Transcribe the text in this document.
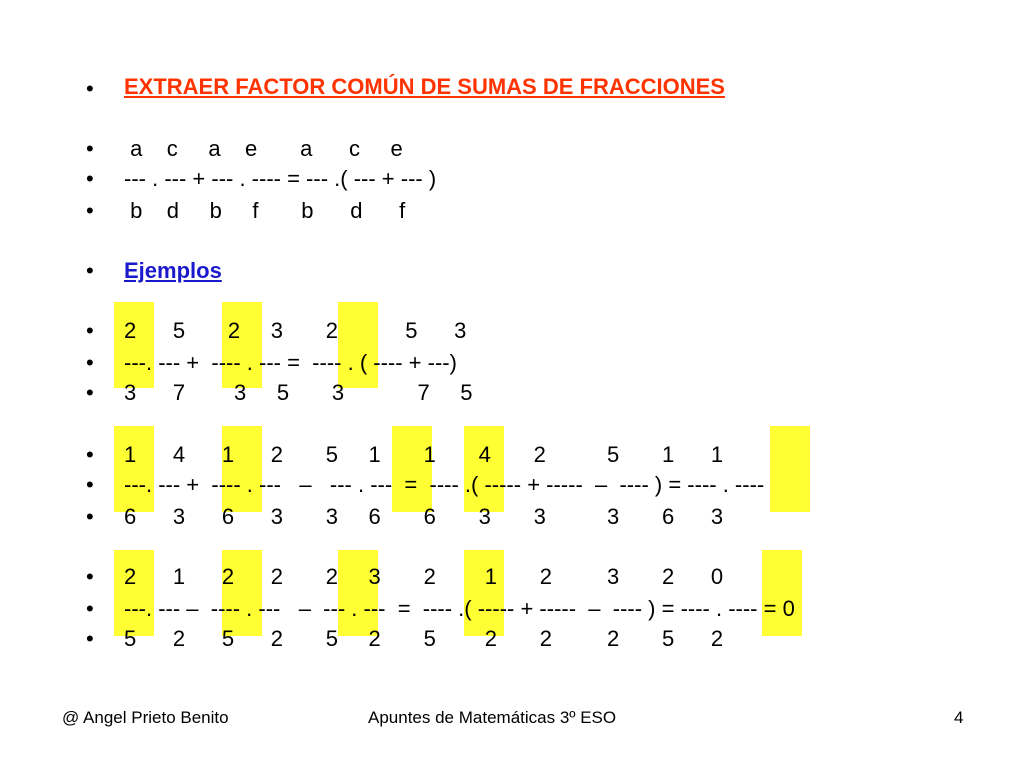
•
•
•
•
•
•
•
•
•
•
•
•
•
•
EXTRAER FACTOR COMÚN DE SUMAS DE FRACCIONES
a    c     a    e       a      c     e
--- . --- + --- . ---- = --- .( --- + --- )
b    d     b     f       b      d      f
Ejemplos
2      5       2     3       2           5      3
---. --- +  ---- . --- =  ---- . ( ---- + ---)
3      7        3     5       3            7     5
1      4      1      2       5     1       1       4       2          5       1      1
---. --- +  ---- . ---   –   --- . ---  =  ---- .( ----- + -----  –  ---- ) = ---- . ----
6      3      6      3       3     6       6       3       3          3       6      3
2      1      2      2       2     3       2        1       2         3       2      0
---. --- –  ---- . ---   –  --- . ---  =  ---- .( ----- + -----  –  ---- ) = ---- . ---- = 0
5      2      5      2       5     2       5        2       2         2       5      2
@ Angel Prieto Benito	Apuntes de Matemáticas 3º ESO	4
